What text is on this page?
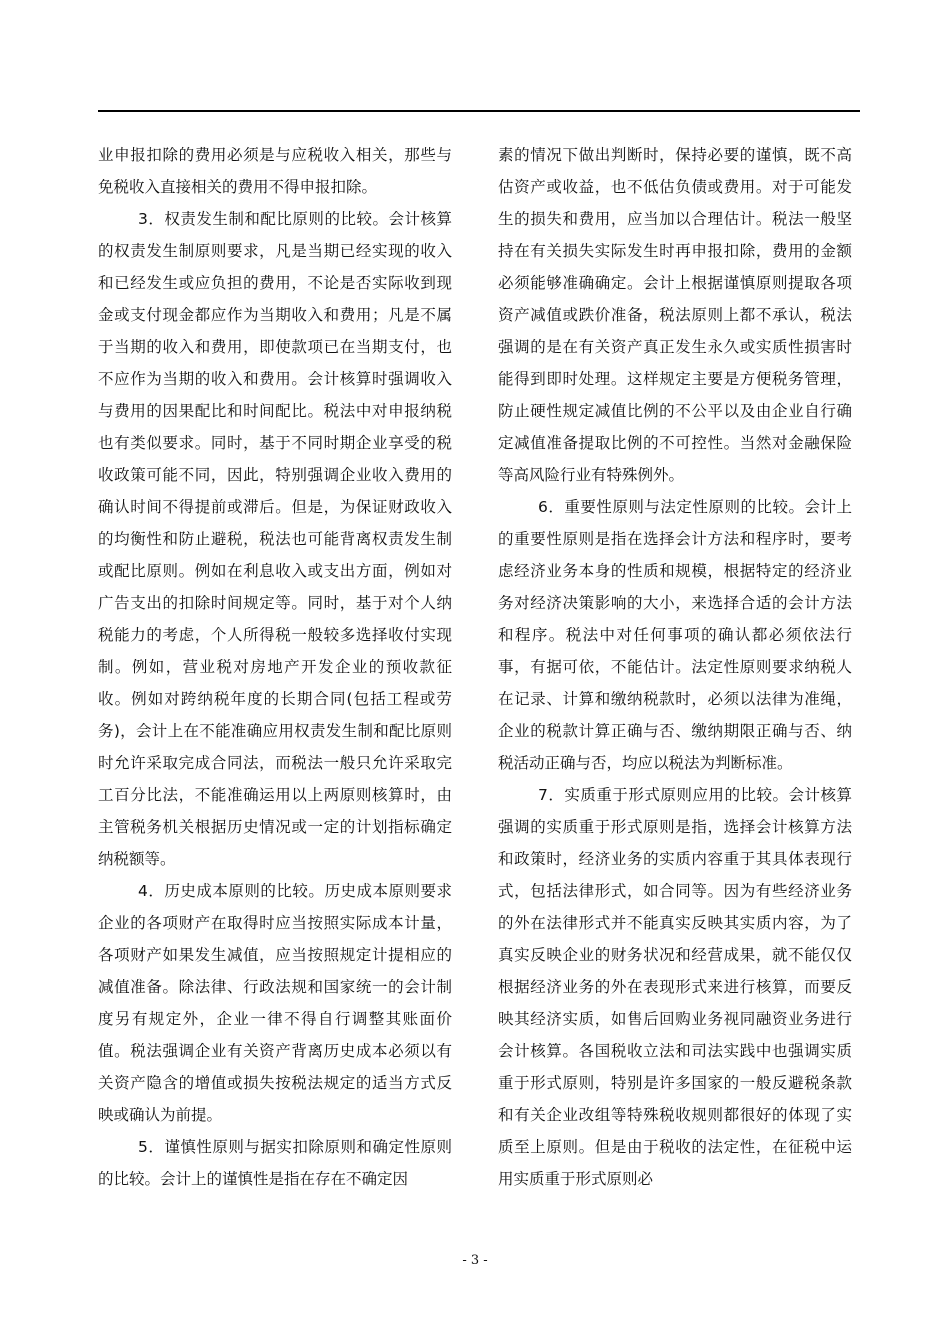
业申报扣除的费用必须是与应税收入相关，那些与免税收入直接相关的费用不得申报扣除。

3．权责发生制和配比原则的比较。会计核算的权责发生制原则要求，凡是当期已经实现的收入和已经发生或应负担的费用，不论是否实际收到现金或支付现金都应作为当期收入和费用；凡是不属于当期的收入和费用，即使款项已在当期支付，也不应作为当期的收入和费用。会计核算时强调收入与费用的因果配比和时间配比。税法中对申报纳税也有类似要求。同时，基于不同时期企业享受的税收政策可能不同，因此，特别强调企业收入费用的确认时间不得提前或滞后。但是，为保证财政收入的均衡性和防止避税，税法也可能背离权责发生制或配比原则。例如在利息收入或支出方面，例如对广告支出的扣除时间规定等。同时，基于对个人纳税能力的考虑，个人所得税一般较多选择收付实现制。例如，营业税对房地产开发企业的预收款征收。例如对跨纳税年度的长期合同(包括工程或劳务)，会计上在不能准确应用权责发生制和配比原则时允许采取完成合同法，而税法一般只允许采取完工百分比法，不能准确运用以上两原则核算时，由主管税务机关根据历史情况或一定的计划指标确定纳税额等。

4．历史成本原则的比较。历史成本原则要求企业的各项财产在取得时应当按照实际成本计量，各项财产如果发生减值，应当按照规定计提相应的减值准备。除法律、行政法规和国家统一的会计制度另有规定外，企业一律不得自行调整其账面价值。税法强调企业有关资产背离历史成本必须以有关资产隐含的增值或损失按税法规定的适当方式反映或确认为前提。

5．谨慎性原则与据实扣除原则和确定性原则的比较。会计上的谨慎性是指在存在不确定因

素的情况下做出判断时，保持必要的谨慎，既不高估资产或收益，也不低估负债或费用。对于可能发生的损失和费用，应当加以合理估计。税法一般坚持在有关损失实际发生时再申报扣除，费用的金额必须能够准确确定。会计上根据谨慎原则提取各项资产减值或跌价准备，税法原则上都不承认，税法强调的是在有关资产真正发生永久或实质性损害时能得到即时处理。这样规定主要是方便税务管理，防止硬性规定减值比例的不公平以及由企业自行确定减值准备提取比例的不可控性。当然对金融保险等高风险行业有特殊例外。

6．重要性原则与法定性原则的比较。会计上的重要性原则是指在选择会计方法和程序时，要考虑经济业务本身的性质和规模，根据特定的经济业务对经济决策影响的大小，来选择合适的会计方法和程序。税法中对任何事项的确认都必须依法行事，有据可依，不能估计。法定性原则要求纳税人在记录、计算和缴纳税款时，必须以法律为准绳，企业的税款计算正确与否、缴纳期限正确与否、纳税活动正确与否，均应以税法为判断标准。

7．实质重于形式原则应用的比较。会计核算强调的实质重于形式原则是指，选择会计核算方法和政策时，经济业务的实质内容重于其具体表现行式，包括法律形式，如合同等。因为有些经济业务的外在法律形式并不能真实反映其实质内容，为了真实反映企业的财务状况和经营成果，就不能仅仅根据经济业务的外在表现形式来进行核算，而要反映其经济实质，如售后回购业务视同融资业务进行会计核算。各国税收立法和司法实践中也强调实质重于形式原则，特别是许多国家的一般反避税条款和有关企业改组等特殊税收规则都很好的体现了实质至上原则。但是由于税收的法定性，在征税中运用实质重于形式原则必

- 3 -
